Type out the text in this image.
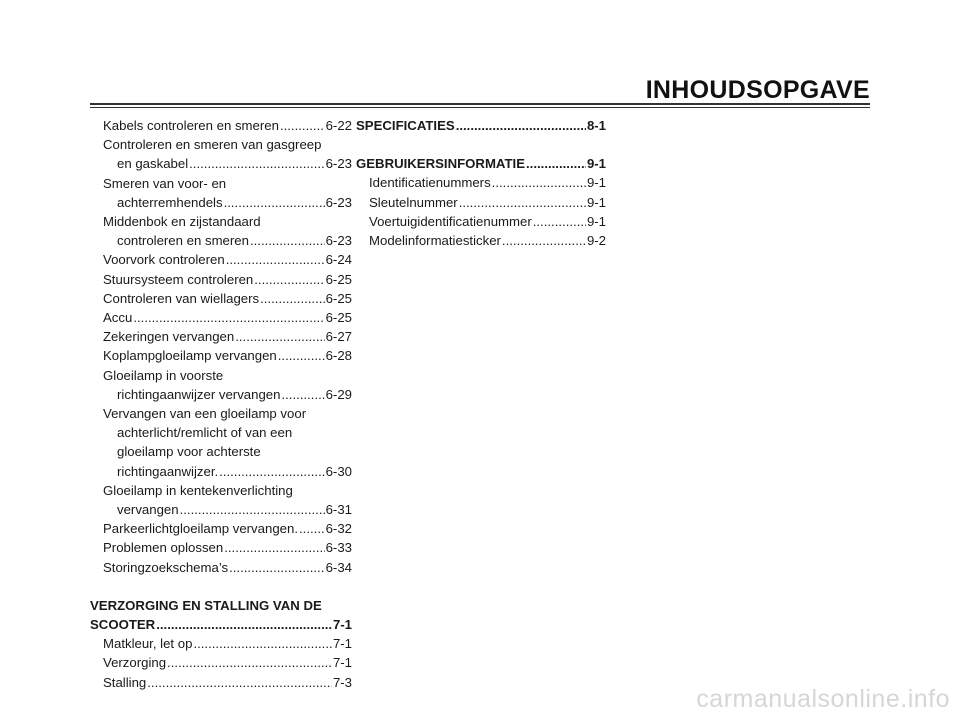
INHOUDSOPGAVE
Kabels controleren en smeren .....	6-22
Controleren en smeren van gasgreep
en gaskabel .....	6-23
Smeren van voor- en
achterremhendels .....	6-23
Middenbok en zijstandaard
controleren en smeren .....	6-23
Voorvork controleren .....	6-24
Stuursysteem controleren .....	6-25
Controleren van wiellagers .....	6-25
Accu .....	6-25
Zekeringen vervangen .....	6-27
Koplampgloeilamp vervangen .....	6-28
Gloeilamp in voorste
richtingaanwijzer vervangen .....	6-29
Vervangen van een gloeilamp voor
achterlicht/remlicht of van een
gloeilamp voor achterste
richtingaanwijzer. .....	6-30
Gloeilamp in kentekenverlichting
vervangen .....	6-31
Parkeerlichtgloeilamp vervangen. ..... 6-32
Problemen oplossen .....	6-33
Storingzoekschema’s .....	6-34
VERZORGING EN STALLING VAN DE
SCOOTER .....	7-1
Matkleur, let op .....	7-1
Verzorging .....	7-1
Stalling .....	7-3
SPECIFICATIES .....	8-1
GEBRUIKERSINFORMATIE .....	9-1
Identificatienummers .....	9-1
Sleutelnummer .....	9-1
Voertuigidentificatienummer .....	9-1
Modelinformatiesticker .....	9-2
carmanualsonline.info
